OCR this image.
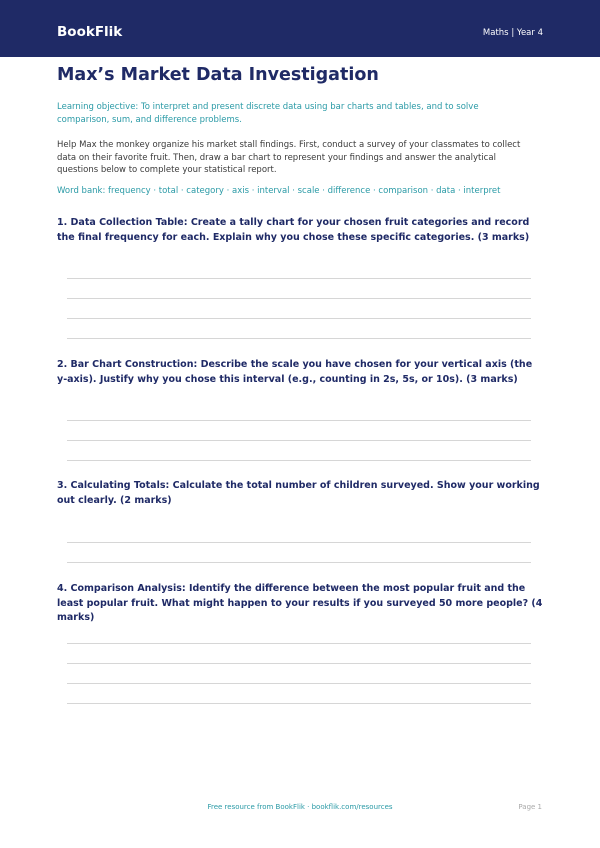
BookFlik	Maths | Year 4
Max’s Market Data Investigation
Learning objective: To interpret and present discrete data using bar charts and tables, and to solve comparison, sum, and difference problems.
Help Max the monkey organize his market stall findings. First, conduct a survey of your classmates to collect data on their favorite fruit. Then, draw a bar chart to represent your findings and answer the analytical questions below to complete your statistical report.
Word bank: frequency · total · category · axis · interval · scale · difference · comparison · data · interpret
1. Data Collection Table: Create a tally chart for your chosen fruit categories and record the final frequency for each. Explain why you chose these specific categories. (3 marks)
2. Bar Chart Construction: Describe the scale you have chosen for your vertical axis (the y-axis). Justify why you chose this interval (e.g., counting in 2s, 5s, or 10s). (3 marks)
3. Calculating Totals: Calculate the total number of children surveyed. Show your working out clearly. (2 marks)
4. Comparison Analysis: Identify the difference between the most popular fruit and the least popular fruit. What might happen to your results if you surveyed 50 more people? (4 marks)
Free resource from BookFlik · bookflik.com/resources	Page 1
